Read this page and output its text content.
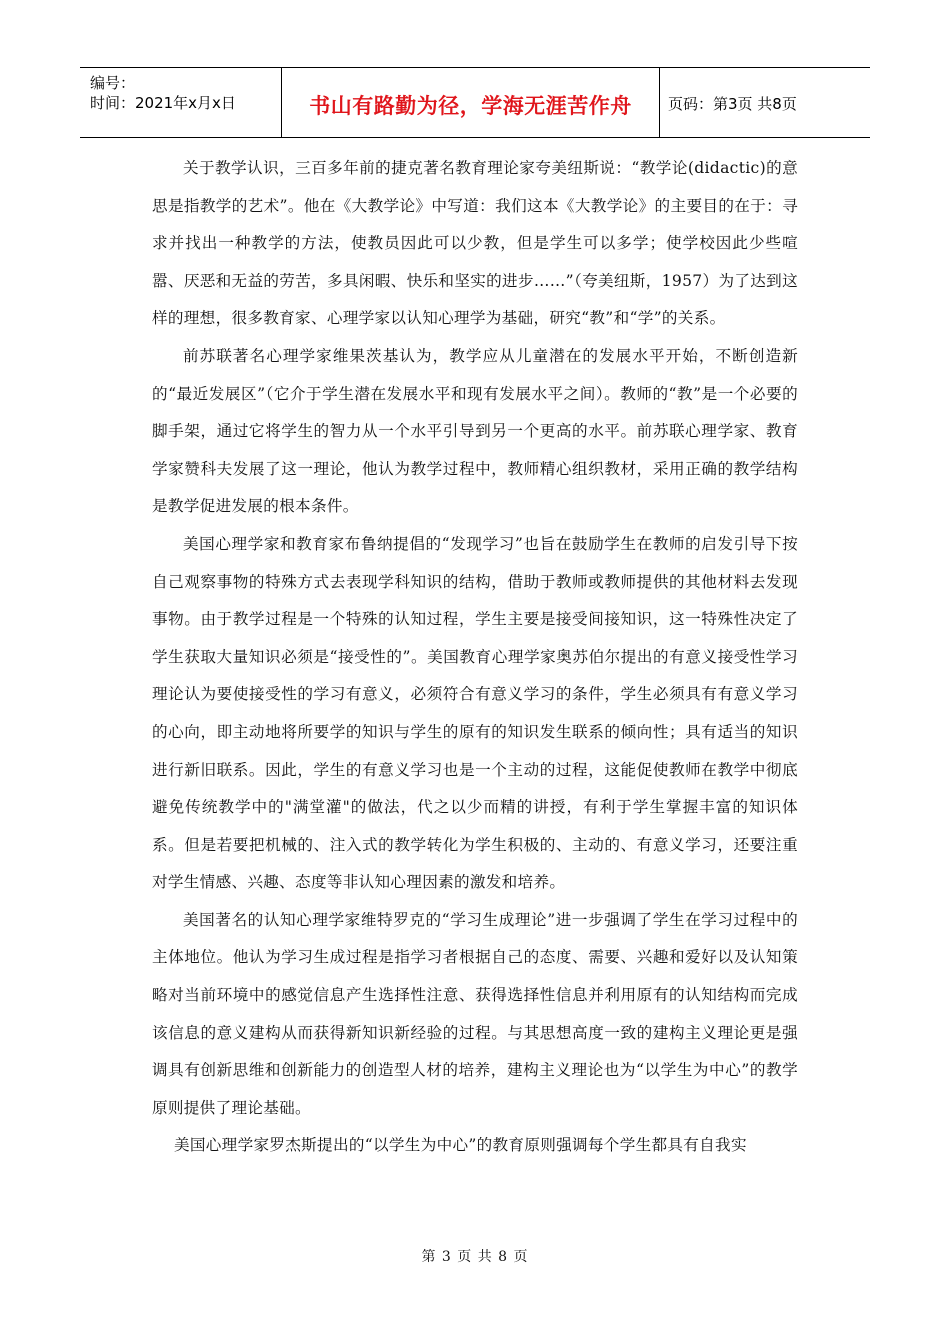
编号：
时间：2021年x月x日	书山有路勤为径，学海无涯苦作舟	页码：第3页 共8页

关于教学认识，三百多年前的捷克著名教育理论家夸美纽斯说：“教学论(didactic)的意思是指教学的艺术”。他在《大教学论》中写道：我们这本《大教学论》的主要目的在于：寻求并找出一种教学的方法，使教员因此可以少教，但是学生可以多学；使学校因此少些喧嚣、厌恶和无益的劳苦，多具闲暇、快乐和坚实的进步……”（夸美纽斯，1957）为了达到这样的理想，很多教育家、心理学家以认知心理学为基础，研究“教”和“学”的关系。

前苏联著名心理学家维果茨基认为，教学应从儿童潜在的发展水平开始，不断创造新的“最近发展区”（它介于学生潜在发展水平和现有发展水平之间）。教师的“教”是一个必要的脚手架，通过它将学生的智力从一个水平引导到另一个更高的水平。前苏联心理学家、教育学家赞科夫发展了这一理论，他认为教学过程中，教师精心组织教材，采用正确的教学结构是教学促进发展的根本条件。

美国心理学家和教育家布鲁纳提倡的“发现学习”也旨在鼓励学生在教师的启发引导下按自己观察事物的特殊方式去表现学科知识的结构，借助于教师或教师提供的其他材料去发现事物。由于教学过程是一个特殊的认知过程，学生主要是接受间接知识，这一特殊性决定了学生获取大量知识必须是“接受性的”。美国教育心理学家奥苏伯尔提出的有意义接受性学习理论认为要使接受性的学习有意义，必须符合有意义学习的条件，学生必须具有有意义学习的心向，即主动地将所要学的知识与学生的原有的知识发生联系的倾向性；具有适当的知识进行新旧联系。因此，学生的有意义学习也是一个主动的过程，这能促使教师在教学中彻底避免传统教学中的"满堂灌"的做法，代之以少而精的讲授，有利于学生掌握丰富的知识体系。但是若要把机械的、注入式的教学转化为学生积极的、主动的、有意义学习，还要注重对学生情感、兴趣、态度等非认知心理因素的激发和培养。

美国著名的认知心理学家维特罗克的“学习生成理论”进一步强调了学生在学习过程中的主体地位。他认为学习生成过程是指学习者根据自己的态度、需要、兴趣和爱好以及认知策略对当前环境中的感觉信息产生选择性注意、获得选择性信息并利用原有的认知结构而完成该信息的意义建构从而获得新知识新经验的过程。与其思想高度一致的建构主义理论更是强调具有创新思维和创新能力的创造型人材的培养，建构主义理论也为“以学生为中心”的教学原则提供了理论基础。

美国心理学家罗杰斯提出的“以学生为中心”的教育原则强调每个学生都具有自我实

第 3 页 共 8 页
